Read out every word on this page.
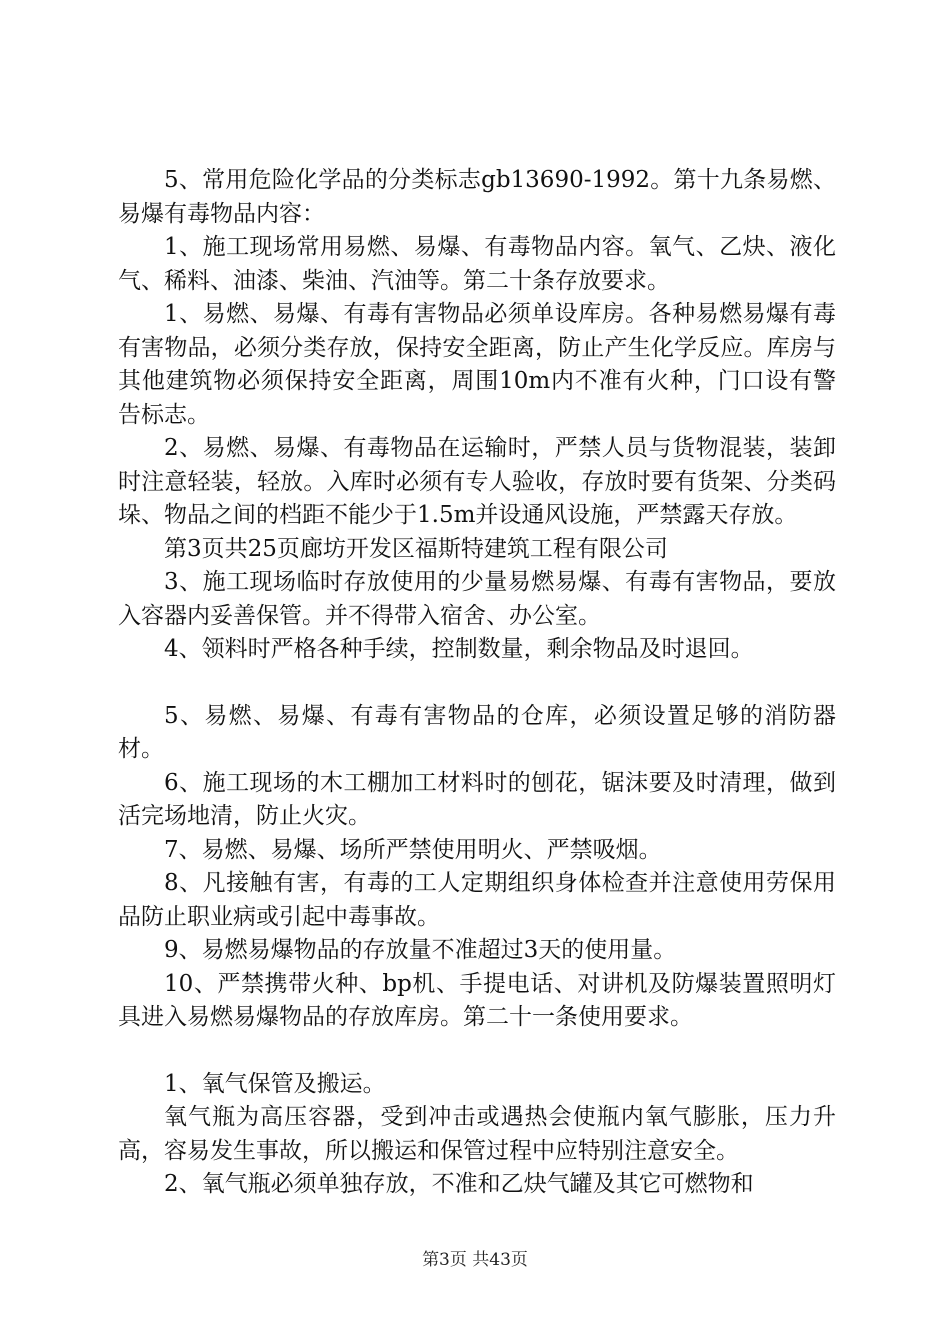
5、常用危险化学品的分类标志gb13690-1992。第十九条易燃、易爆有毒物品内容：

1、施工现场常用易燃、易爆、有毒物品内容。氧气、乙炔、液化气、稀料、油漆、柴油、汽油等。第二十条存放要求。

1、易燃、易爆、有毒有害物品必须单设库房。各种易燃易爆有毒有害物品，必须分类存放，保持安全距离，防止产生化学反应。库房与其他建筑物必须保持安全距离，周围10m内不准有火种，门口设有警告标志。

2、易燃、易爆、有毒物品在运输时，严禁人员与货物混装，装卸时注意轻装，轻放。入库时必须有专人验收，存放时要有货架、分类码垛、物品之间的档距不能少于1.5m并设通风设施，严禁露天存放。

第3页共25页廊坊开发区福斯特建筑工程有限公司

3、施工现场临时存放使用的少量易燃易爆、有毒有害物品，要放入容器内妥善保管。并不得带入宿舍、办公室。

4、领料时严格各种手续，控制数量，剩余物品及时退回。

5、易燃、易爆、有毒有害物品的仓库，必须设置足够的消防器材。

6、施工现场的木工棚加工材料时的刨花，锯沫要及时清理，做到活完场地清，防止火灾。

7、易燃、易爆、场所严禁使用明火、严禁吸烟。

8、凡接触有害，有毒的工人定期组织身体检查并注意使用劳保用品防止职业病或引起中毒事故。

9、易燃易爆物品的存放量不准超过3天的使用量。

10、严禁携带火种、bp机、手提电话、对讲机及防爆装置照明灯具进入易燃易爆物品的存放库房。第二十一条使用要求。

1、氧气保管及搬运。

氧气瓶为高压容器，受到冲击或遇热会使瓶内氧气膨胀，压力升高，容易发生事故，所以搬运和保管过程中应特别注意安全。

2、氧气瓶必须单独存放，不准和乙炔气罐及其它可燃物和

第3页 共43页
